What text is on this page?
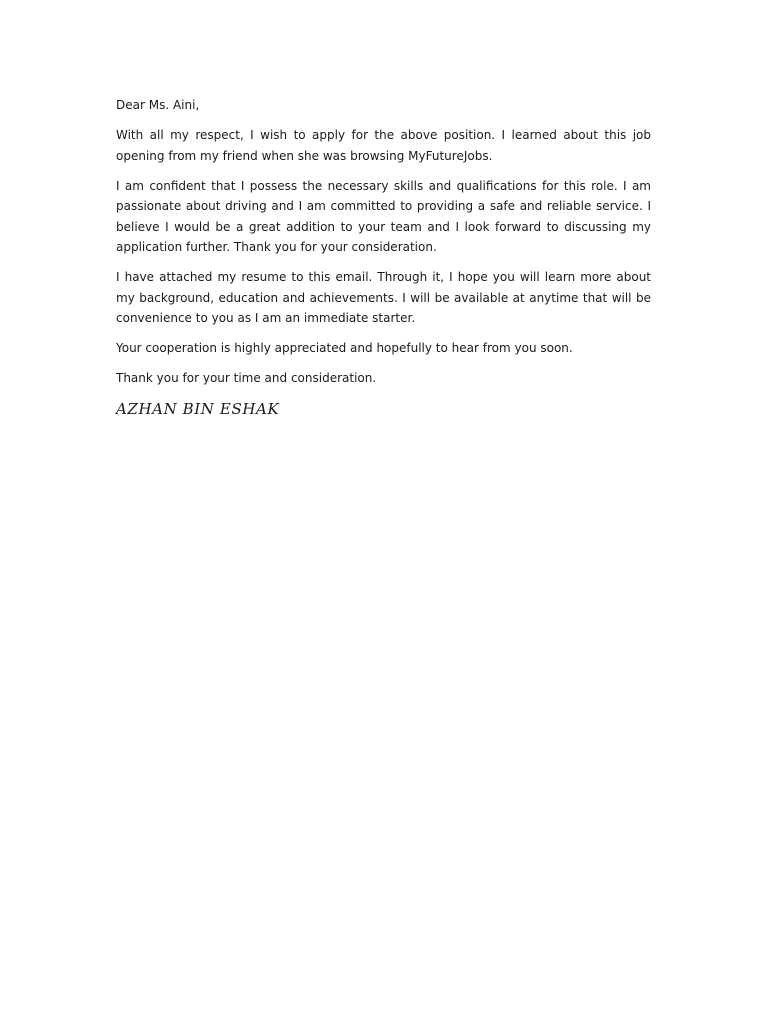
Dear Ms. Aini,

With all my respect, I wish to apply for the above position. I learned about this job opening from my friend when she was browsing MyFutureJobs.

I am confident that I possess the necessary skills and qualifications for this role. I am passionate about driving and I am committed to providing a safe and reliable service. I believe I would be a great addition to your team and I look forward to discussing my application further. Thank you for your consideration.

I have attached my resume to this email. Through it, I hope you will learn more about my background, education and achievements. I will be available at anytime that will be convenience to you as I am an immediate starter.

Your cooperation is highly appreciated and hopefully to hear from you soon.

Thank you for your time and consideration.

AZHAN BIN ESHAK
